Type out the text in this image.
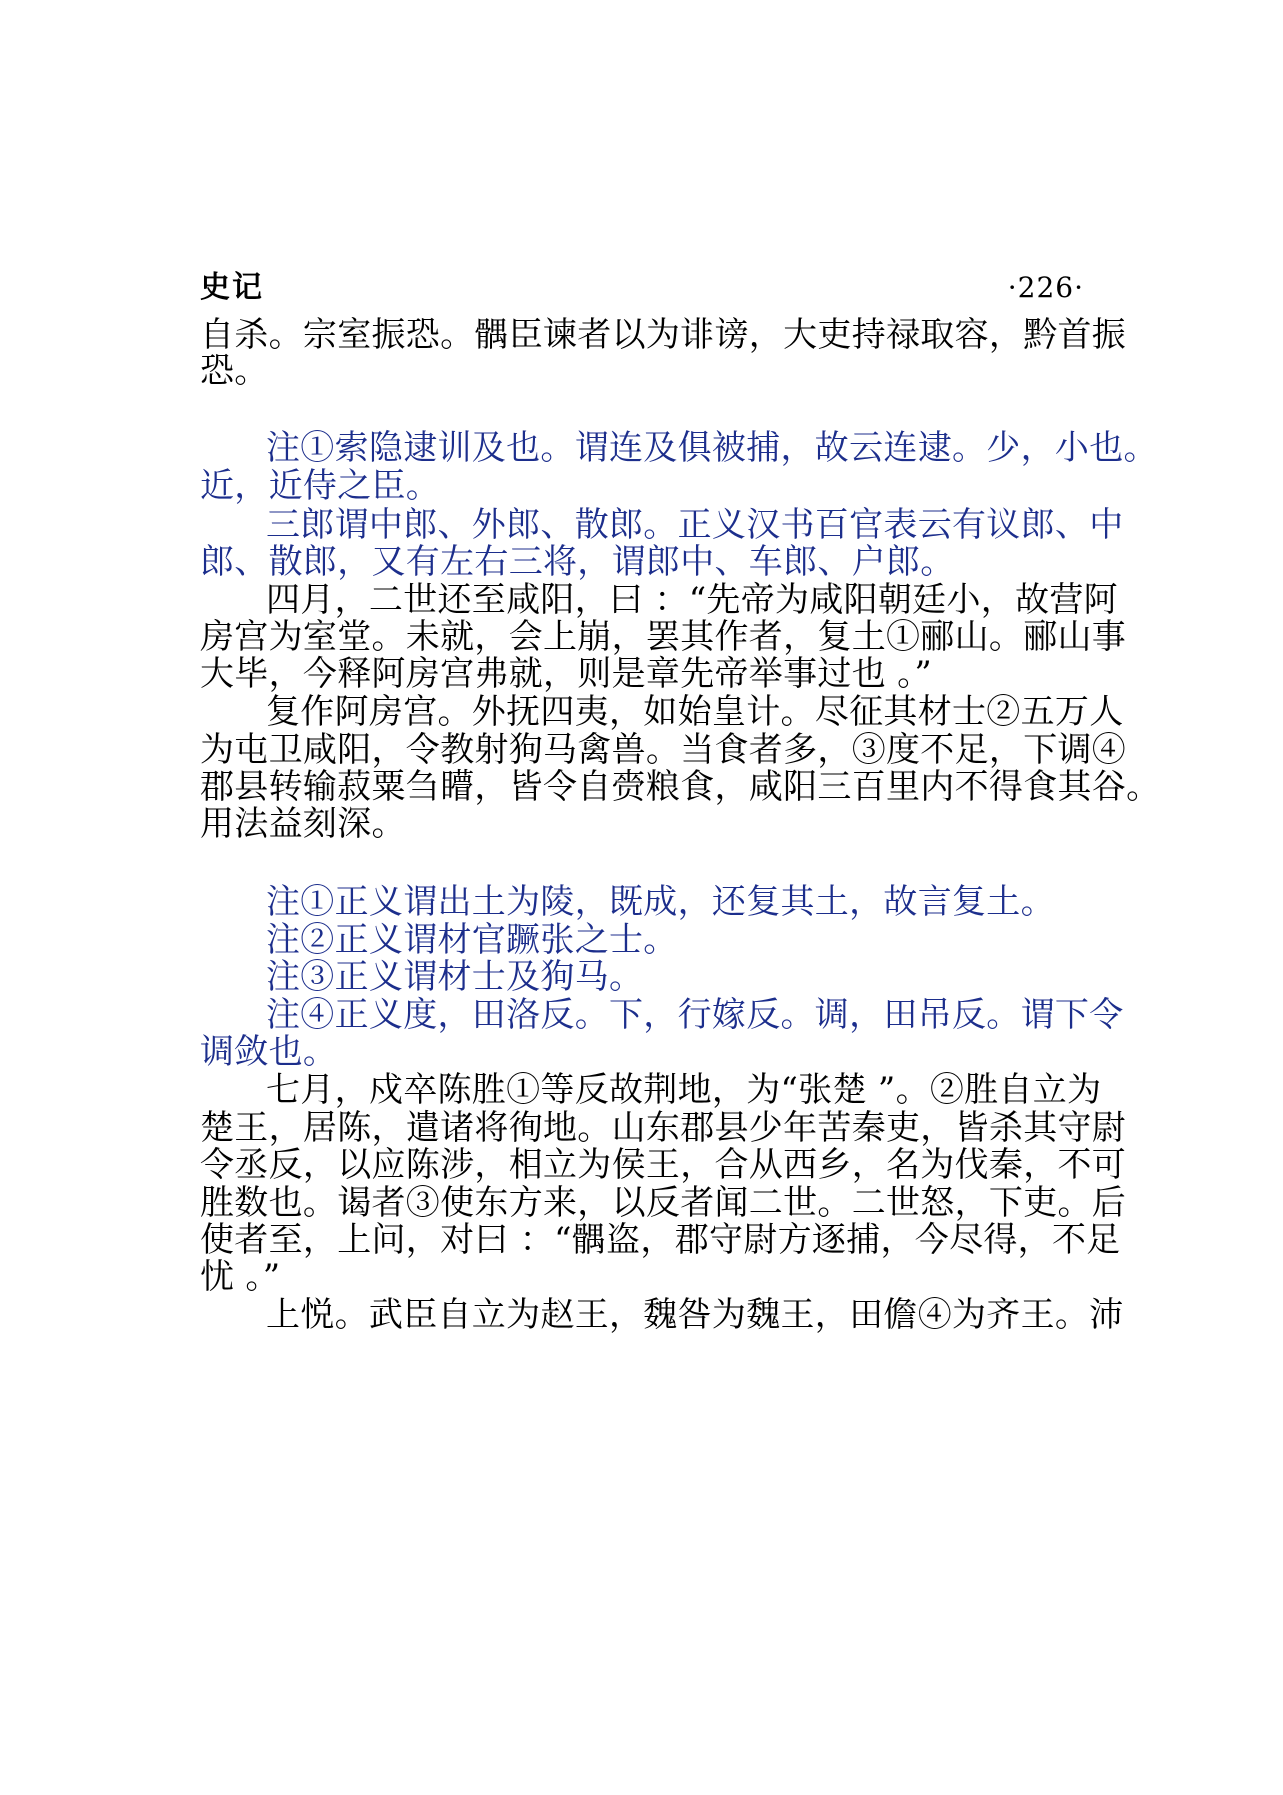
史记	·226·
自杀。宗室振恐。髃臣谏者以为诽谤，大吏持禄取容，黔首振
恐。
注①索隐逮训及也。谓连及俱被捕，故云连逮。少，小也。
近，近侍之臣。
三郎谓中郎、外郎、散郎。正义汉书百官表云有议郎、中
郎、散郎，又有左右三将，谓郎中、车郎、户郎。
四月，二世还至咸阳，曰 ：“先帝为咸阳朝廷小，故营阿
房宫为室堂。未就，会上崩，罢其作者，复土①郦山。郦山事
大毕，今释阿房宫弗就，则是章先帝举事过也 。”
复作阿房宫。外抚四夷，如始皇计。尽征其材士②五万人
为屯卫咸阳，令教射狗马禽兽。当食者多，③度不足，下调④
郡县转输菽粟刍矒，皆令自赍粮食，咸阳三百里内不得食其谷。
用法益刻深。
注①正义谓出土为陵，既成，还复其土，故言复土。
注②正义谓材官蹶张之士。
注③正义谓材士及狗马。
注④正义度，田洛反。下，行嫁反。调，田吊反。谓下令
调敛也。
七月，戍卒陈胜①等反故荆地，为“张楚 ”。②胜自立为
楚王，居陈，遣诸将徇地。山东郡县少年苦秦吏，皆杀其守尉
令丞反，以应陈涉，相立为侯王，合从西乡，名为伐秦，不可
胜数也。谒者③使东方来，以反者闻二世。二世怒，下吏。后
使者至，上问，对曰 ：“髃盗，郡守尉方逐捕，今尽得，不足
忧 。”
上悦。武臣自立为赵王，魏咎为魏王，田儋④为齐王。沛
